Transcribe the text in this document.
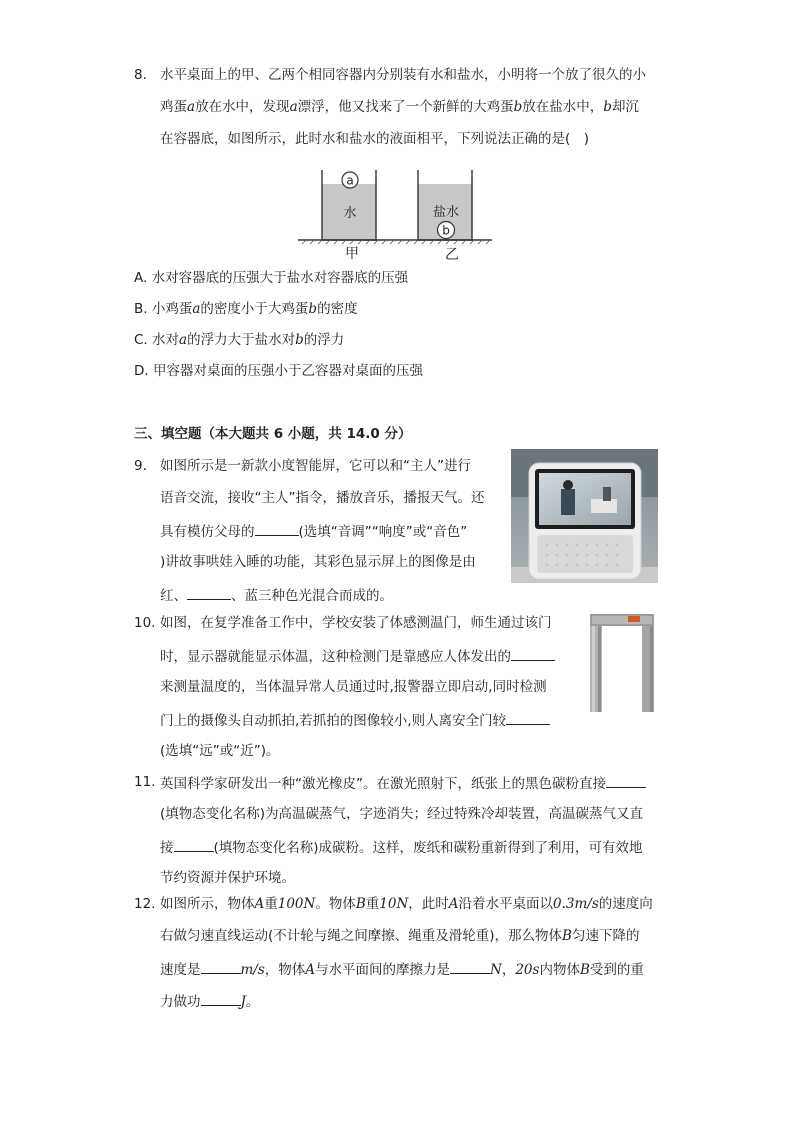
8. 水平桌面上的甲、乙两个相同容器内分别装有水和盐水，小明将一个放了很久的小

鸡蛋a放在水中，发现a漂浮，他又找来了一个新鲜的大鸡蛋b放在盐水中，b却沉

在容器底，如图所示，此时水和盐水的液面相平，下列说法正确的是(　)

a
水	盐水
b
甲	乙

A. 水对容器底的压强大于盐水对容器底的压强

B. 小鸡蛋a的密度小于大鸡蛋b的密度

C. 水对a的浮力大于盐水对b的浮力

D. 甲容器对桌面的压强小于乙容器对桌面的压强

三、填空题（本大题共 6 小题，共 14.0 分）

9. 如图所示是一新款小度智能屏，它可以和“主人”进行

语音交流，接收“主人”指令，播放音乐，播报天气。还

具有模仿父母的	(选填“音调”“响度”或“音色”

)讲故事哄娃入睡的功能，其彩色显示屏上的图像是由

红、	、蓝三种色光混合而成的。

10. 如图，在复学准备工作中，学校安装了体感测温门，师生通过该门

时，显示器就能显示体温，这种检测门是靠感应人体发出的

来测量温度的，当体温异常人员通过时,报警器立即启动,同时检测

门上的摄像头自动抓拍,若抓拍的图像较小,则人离安全门较

(选填“远”或“近”)。

11. 英国科学家研发出一种“激光橡皮”。在激光照射下，纸张上的黑色碳粉直接

(填物态变化名称)为高温碳蒸气，字迹消失；经过特殊冷却装置，高温碳蒸气又直

接	(填物态变化名称)成碳粉。这样，废纸和碳粉重新得到了利用，可有效地

节约资源并保护环境。

12. 如图所示，物体A重100N。物体B重10N，此时A沿着水平桌面以0.3m/s的速度向

右做匀速直线运动(不计轮与绳之间摩擦、绳重及滑轮重)，那么物体B匀速下降的

速度是	m/s，物体A与水平面间的摩擦力是	N，20s内物体B受到的重

力做功	J。
